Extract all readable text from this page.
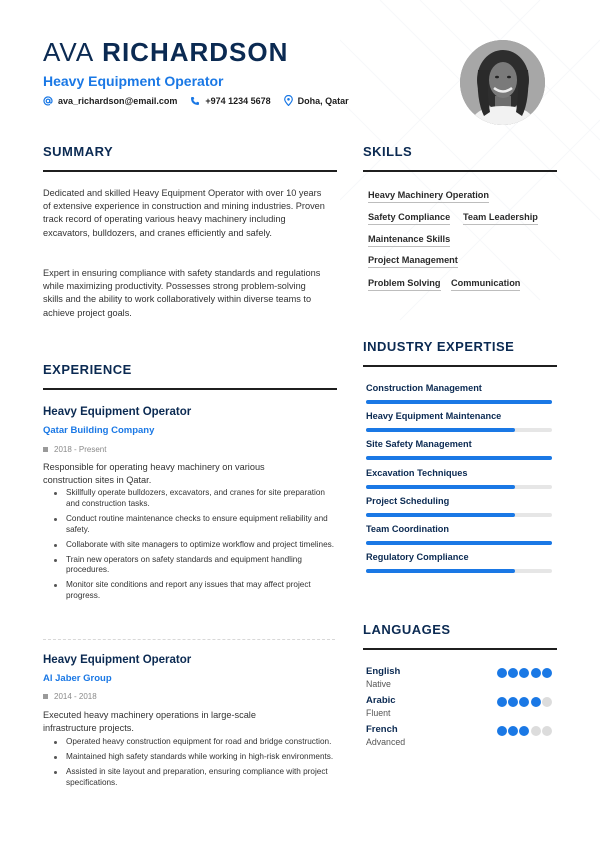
AVA RICHARDSON
Heavy Equipment Operator
ava_richardson@email.com	+974 1234 5678	Doha, Qatar
SUMMARY
Dedicated and skilled Heavy Equipment Operator with over 10 years of extensive experience in construction and mining industries. Proven track record of operating various heavy machinery including excavators, bulldozers, and cranes efficiently and safely.
Expert in ensuring compliance with safety standards and regulations while maximizing productivity. Possesses strong problem-solving skills and the ability to work collaboratively within diverse teams to achieve project goals.
EXPERIENCE
Heavy Equipment Operator
Qatar Building Company
2018 - Present
Responsible for operating heavy machinery on various construction sites in Qatar.
Skillfully operate bulldozers, excavators, and cranes for site preparation and construction tasks.
Conduct routine maintenance checks to ensure equipment reliability and safety.
Collaborate with site managers to optimize workflow and project timelines.
Train new operators on safety standards and equipment handling procedures.
Monitor site conditions and report any issues that may affect project progress.
Heavy Equipment Operator
Al Jaber Group
2014 - 2018
Executed heavy machinery operations in large-scale infrastructure projects.
Operated heavy construction equipment for road and bridge construction.
Maintained high safety standards while working in high-risk environments.
Assisted in site layout and preparation, ensuring compliance with project specifications.
SKILLS
Heavy Machinery Operation
Safety Compliance Team Leadership
Maintenance Skills
Project Management
Problem Solving Communication
INDUSTRY EXPERTISE
Construction Management
Heavy Equipment Maintenance
Site Safety Management
Excavation Techniques
Project Scheduling
Team Coordination
Regulatory Compliance
LANGUAGES
English
Native
Arabic
Fluent
French
Advanced
